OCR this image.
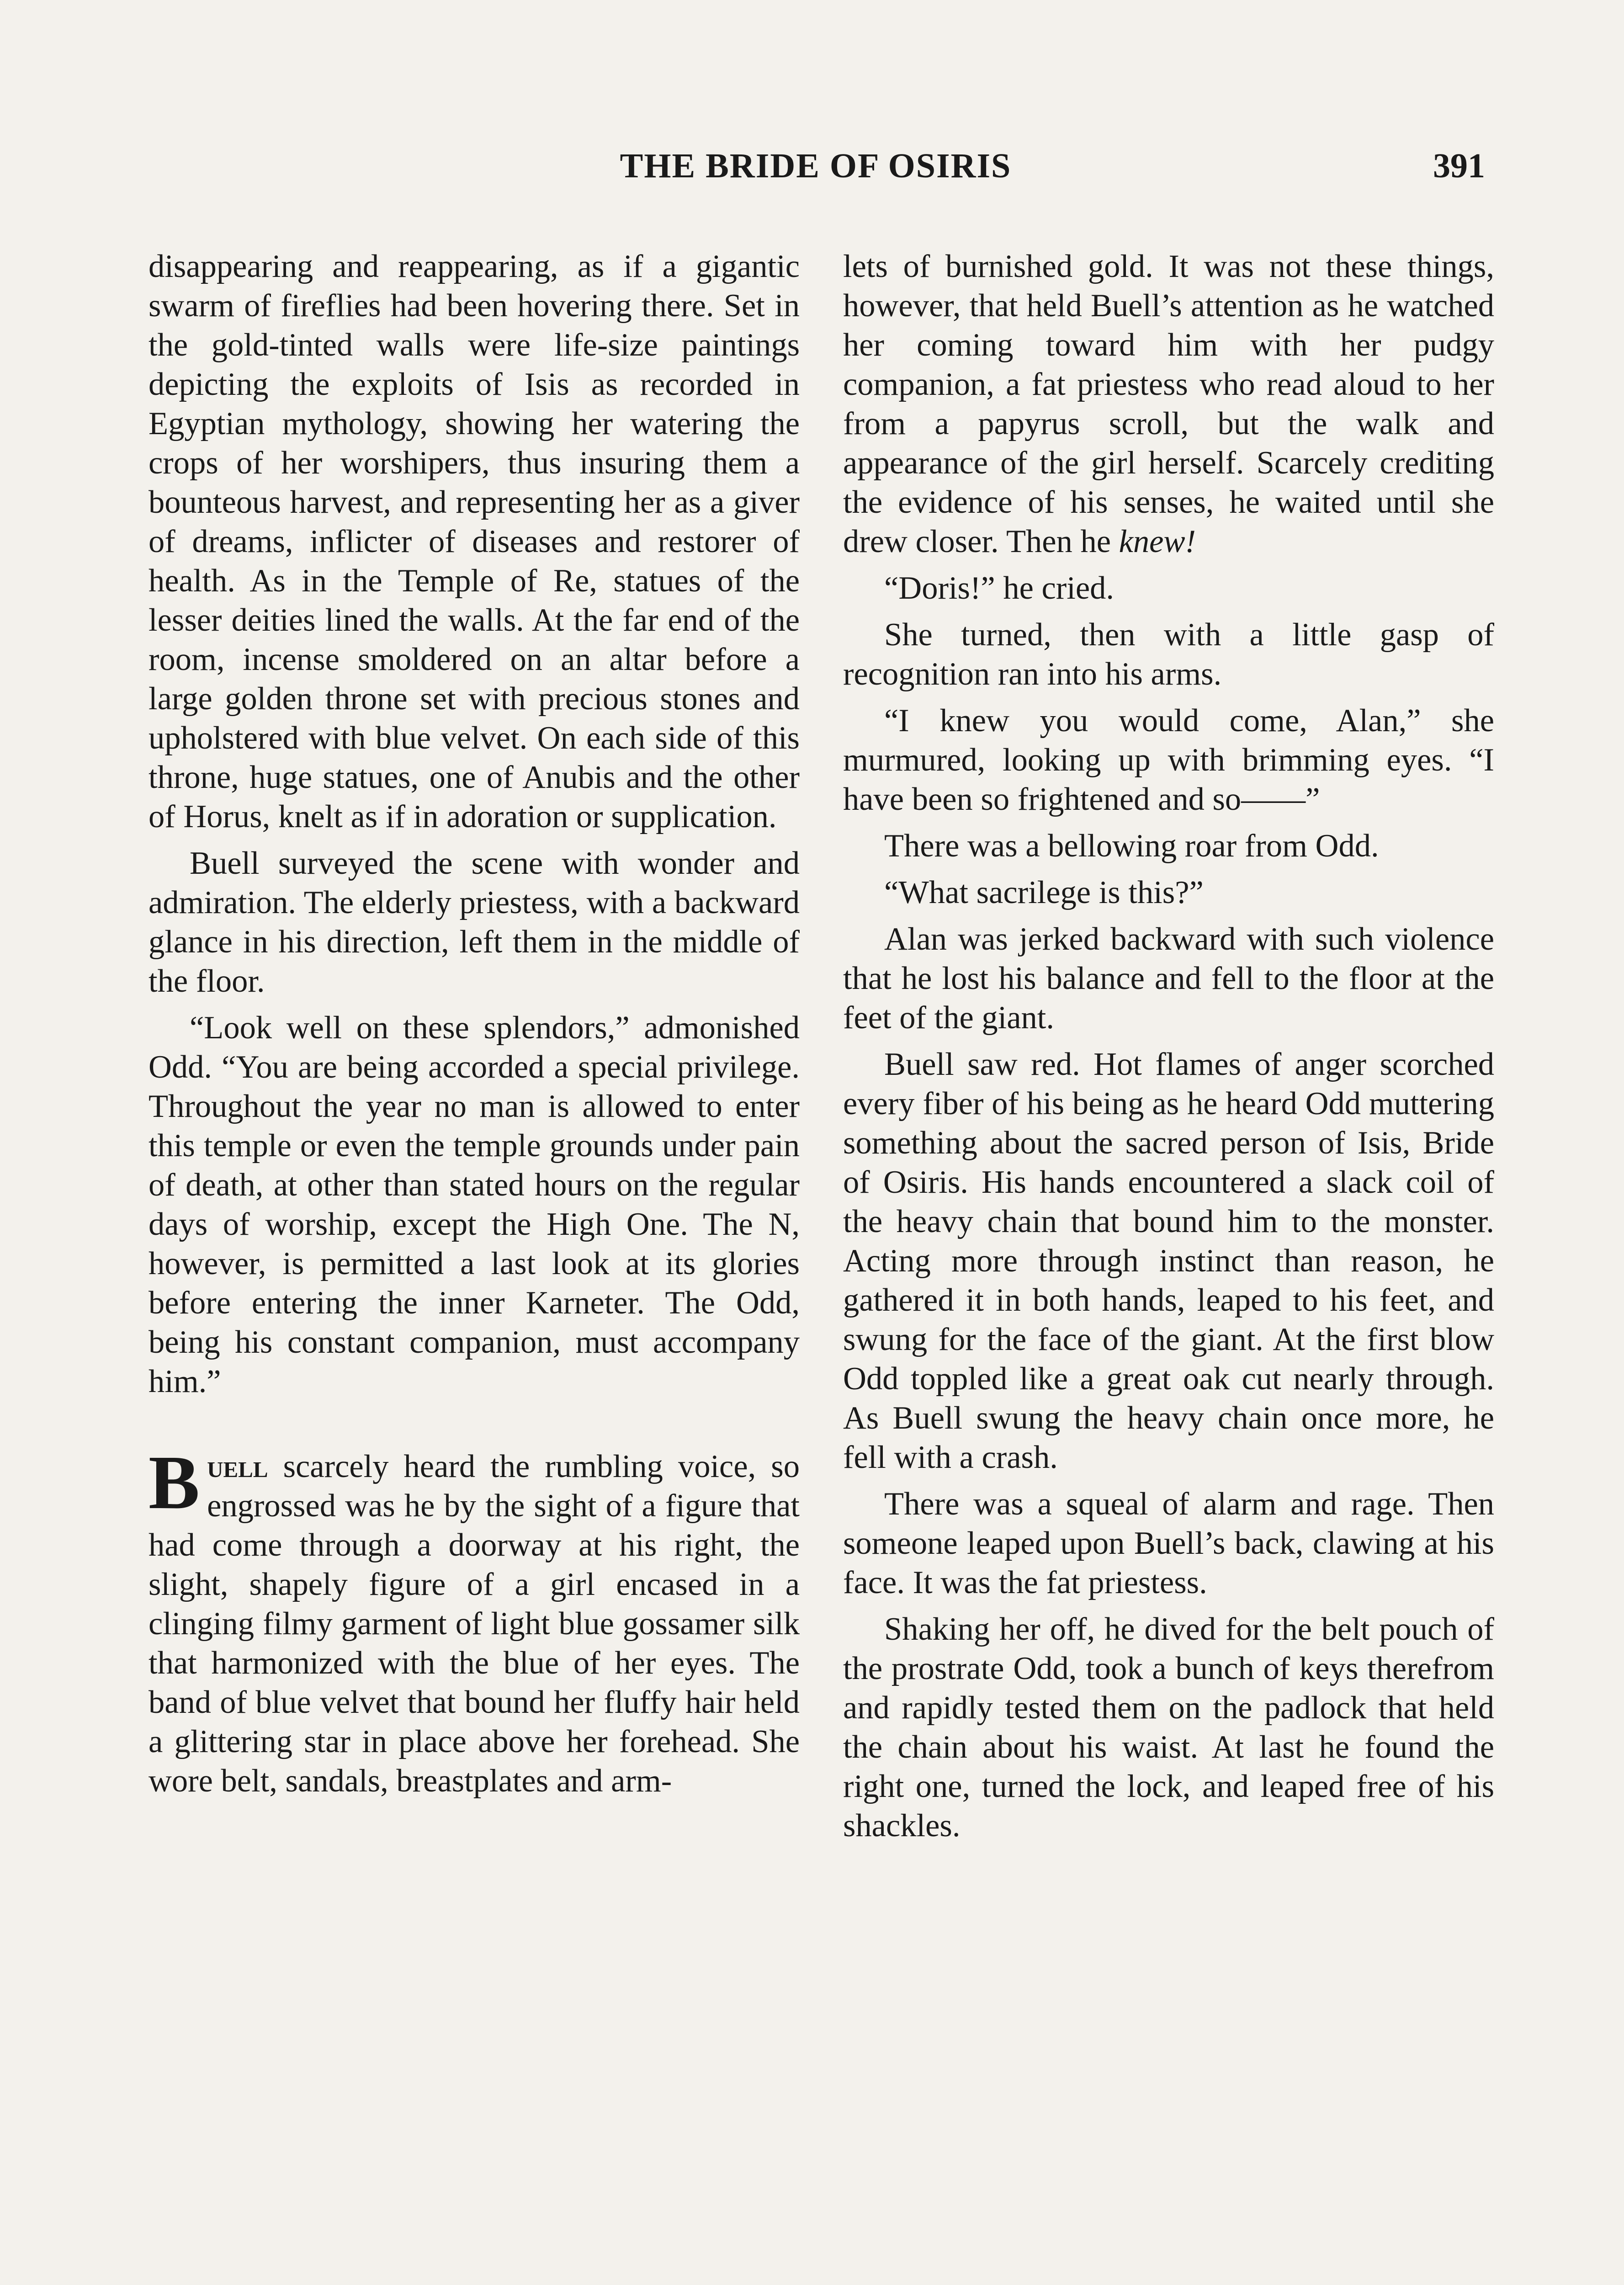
THE BRIDE OF OSIRIS	391

disappearing and reappearing, as if a gigantic swarm of fireflies had been hovering there. Set in the gold-tinted walls were life-size paintings depicting the exploits of Isis as recorded in Egyptian mythology, showing her watering the crops of her worshipers, thus insuring them a bounteous harvest, and representing her as a giver of dreams, inflicter of diseases and restorer of health. As in the Temple of Re, statues of the lesser deities lined the walls. At the far end of the room, incense smoldered on an altar before a large golden throne set with precious stones and upholstered with blue velvet. On each side of this throne, huge statues, one of Anubis and the other of Horus, knelt as if in adoration or supplication.

Buell surveyed the scene with wonder and admiration. The elderly priestess, with a backward glance in his direction, left them in the middle of the floor.

“Look well on these splendors,” admonished Odd. “You are being accorded a special privilege. Throughout the year no man is allowed to enter this temple or even the temple grounds under pain of death, at other than stated hours on the regular days of worship, except the High One. The N, however, is permitted a last look at its glories before entering the inner Karneter. The Odd, being his constant companion, must accompany him.”

Buell scarcely heard the rumbling voice, so engrossed was he by the sight of a figure that had come through a doorway at his right, the slight, shapely figure of a girl encased in a clinging filmy garment of light blue gossamer silk that harmonized with the blue of her eyes. The band of blue velvet that bound her fluffy hair held a glittering star in place above her forehead. She wore belt, sandals, breastplates and arm-

lets of burnished gold. It was not these things, however, that held Buell’s attention as he watched her coming toward him with her pudgy companion, a fat priestess who read aloud to her from a papyrus scroll, but the walk and appearance of the girl herself. Scarcely crediting the evidence of his senses, he waited until she drew closer. Then he knew!

“Doris!” he cried.

She turned, then with a little gasp of recognition ran into his arms.

“I knew you would come, Alan,” she murmured, looking up with brimming eyes. “I have been so frightened and so——”

There was a bellowing roar from Odd.

“What sacrilege is this?”

Alan was jerked backward with such violence that he lost his balance and fell to the floor at the feet of the giant.

Buell saw red. Hot flames of anger scorched every fiber of his being as he heard Odd muttering something about the sacred person of Isis, Bride of Osiris. His hands encountered a slack coil of the heavy chain that bound him to the monster. Acting more through instinct than reason, he gathered it in both hands, leaped to his feet, and swung for the face of the giant. At the first blow Odd toppled like a great oak cut nearly through. As Buell swung the heavy chain once more, he fell with a crash.

There was a squeal of alarm and rage. Then someone leaped upon Buell’s back, clawing at his face. It was the fat priestess.

Shaking her off, he dived for the belt pouch of the prostrate Odd, took a bunch of keys therefrom and rapidly tested them on the padlock that held the chain about his waist. At last he found the right one, turned the lock, and leaped free of his shackles.
